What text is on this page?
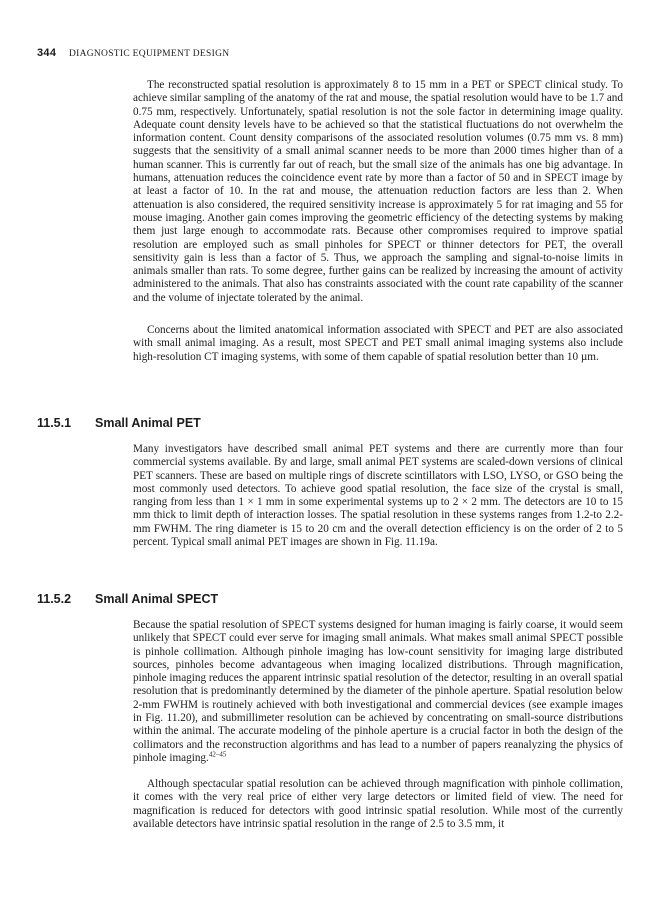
344 DIAGNOSTIC EQUIPMENT DESIGN

The reconstructed spatial resolution is approximately 8 to 15 mm in a PET or SPECT clinical study. To achieve similar sampling of the anatomy of the rat and mouse, the spatial resolution would have to be 1.7 and 0.75 mm, respectively. Unfortunately, spatial resolution is not the sole factor in determining image quality. Adequate count density levels have to be achieved so that the statistical fluctuations do not overwhelm the information content. Count density comparisons of the associated resolution volumes (0.75 mm vs. 8 mm) suggests that the sensitivity of a small animal scanner needs to be more than 2000 times higher than of a human scanner. This is currently far out of reach, but the small size of the animals has one big advantage. In humans, attenuation reduces the coincidence event rate by more than a factor of 50 and in SPECT image by at least a factor of 10. In the rat and mouse, the attenuation reduction factors are less than 2. When attenuation is also considered, the required sensitivity increase is approximately 5 for rat imaging and 55 for mouse imaging. Another gain comes improving the geometric efficiency of the detecting systems by making them just large enough to accommodate rats. Because other compromises required to improve spatial resolution are employed such as small pinholes for SPECT or thinner detectors for PET, the overall sensitivity gain is less than a factor of 5. Thus, we approach the sampling and signal-to-noise limits in animals smaller than rats. To some degree, further gains can be realized by increasing the amount of activity administered to the animals. That also has constraints associated with the count rate capability of the scanner and the volume of injectate tolerated by the animal.

Concerns about the limited anatomical information associated with SPECT and PET are also associated with small animal imaging. As a result, most SPECT and PET small animal imaging systems also include high-resolution CT imaging systems, with some of them capable of spatial resolution better than 10 µm.

11.5.1 Small Animal PET

Many investigators have described small animal PET systems and there are currently more than four commercial systems available. By and large, small animal PET systems are scaled-down versions of clinical PET scanners. These are based on multiple rings of discrete scintillators with LSO, LYSO, or GSO being the most commonly used detectors. To achieve good spatial resolution, the face size of the crystal is small, ranging from less than 1 × 1 mm in some experimental systems up to 2 × 2 mm. The detectors are 10 to 15 mm thick to limit depth of interaction losses. The spatial resolution in these systems ranges from 1.2-to 2.2-mm FWHM. The ring diameter is 15 to 20 cm and the overall detection efficiency is on the order of 2 to 5 percent. Typical small animal PET images are shown in Fig. 11.19a.

11.5.2 Small Animal SPECT

Because the spatial resolution of SPECT systems designed for human imaging is fairly coarse, it would seem unlikely that SPECT could ever serve for imaging small animals. What makes small animal SPECT possible is pinhole collimation. Although pinhole imaging has low-count sensitivity for imaging large distributed sources, pinholes become advantageous when imaging localized distributions. Through magnification, pinhole imaging reduces the apparent intrinsic spatial resolution of the detector, resulting in an overall spatial resolution that is predominantly determined by the diameter of the pinhole aperture. Spatial resolution below 2-mm FWHM is routinely achieved with both investigational and commercial devices (see example images in Fig. 11.20), and submillimeter resolution can be achieved by concentrating on small-source distributions within the animal. The accurate modeling of the pinhole aperture is a crucial factor in both the design of the collimators and the reconstruction algorithms and has lead to a number of papers reanalyzing the physics of pinhole imaging.$^{42-45}$

Although spectacular spatial resolution can be achieved through magnification with pinhole collimation, it comes with the very real price of either very large detectors or limited field of view. The need for magnification is reduced for detectors with good intrinsic spatial resolution. While most of the currently available detectors have intrinsic spatial resolution in the range of 2.5 to 3.5 mm, it
